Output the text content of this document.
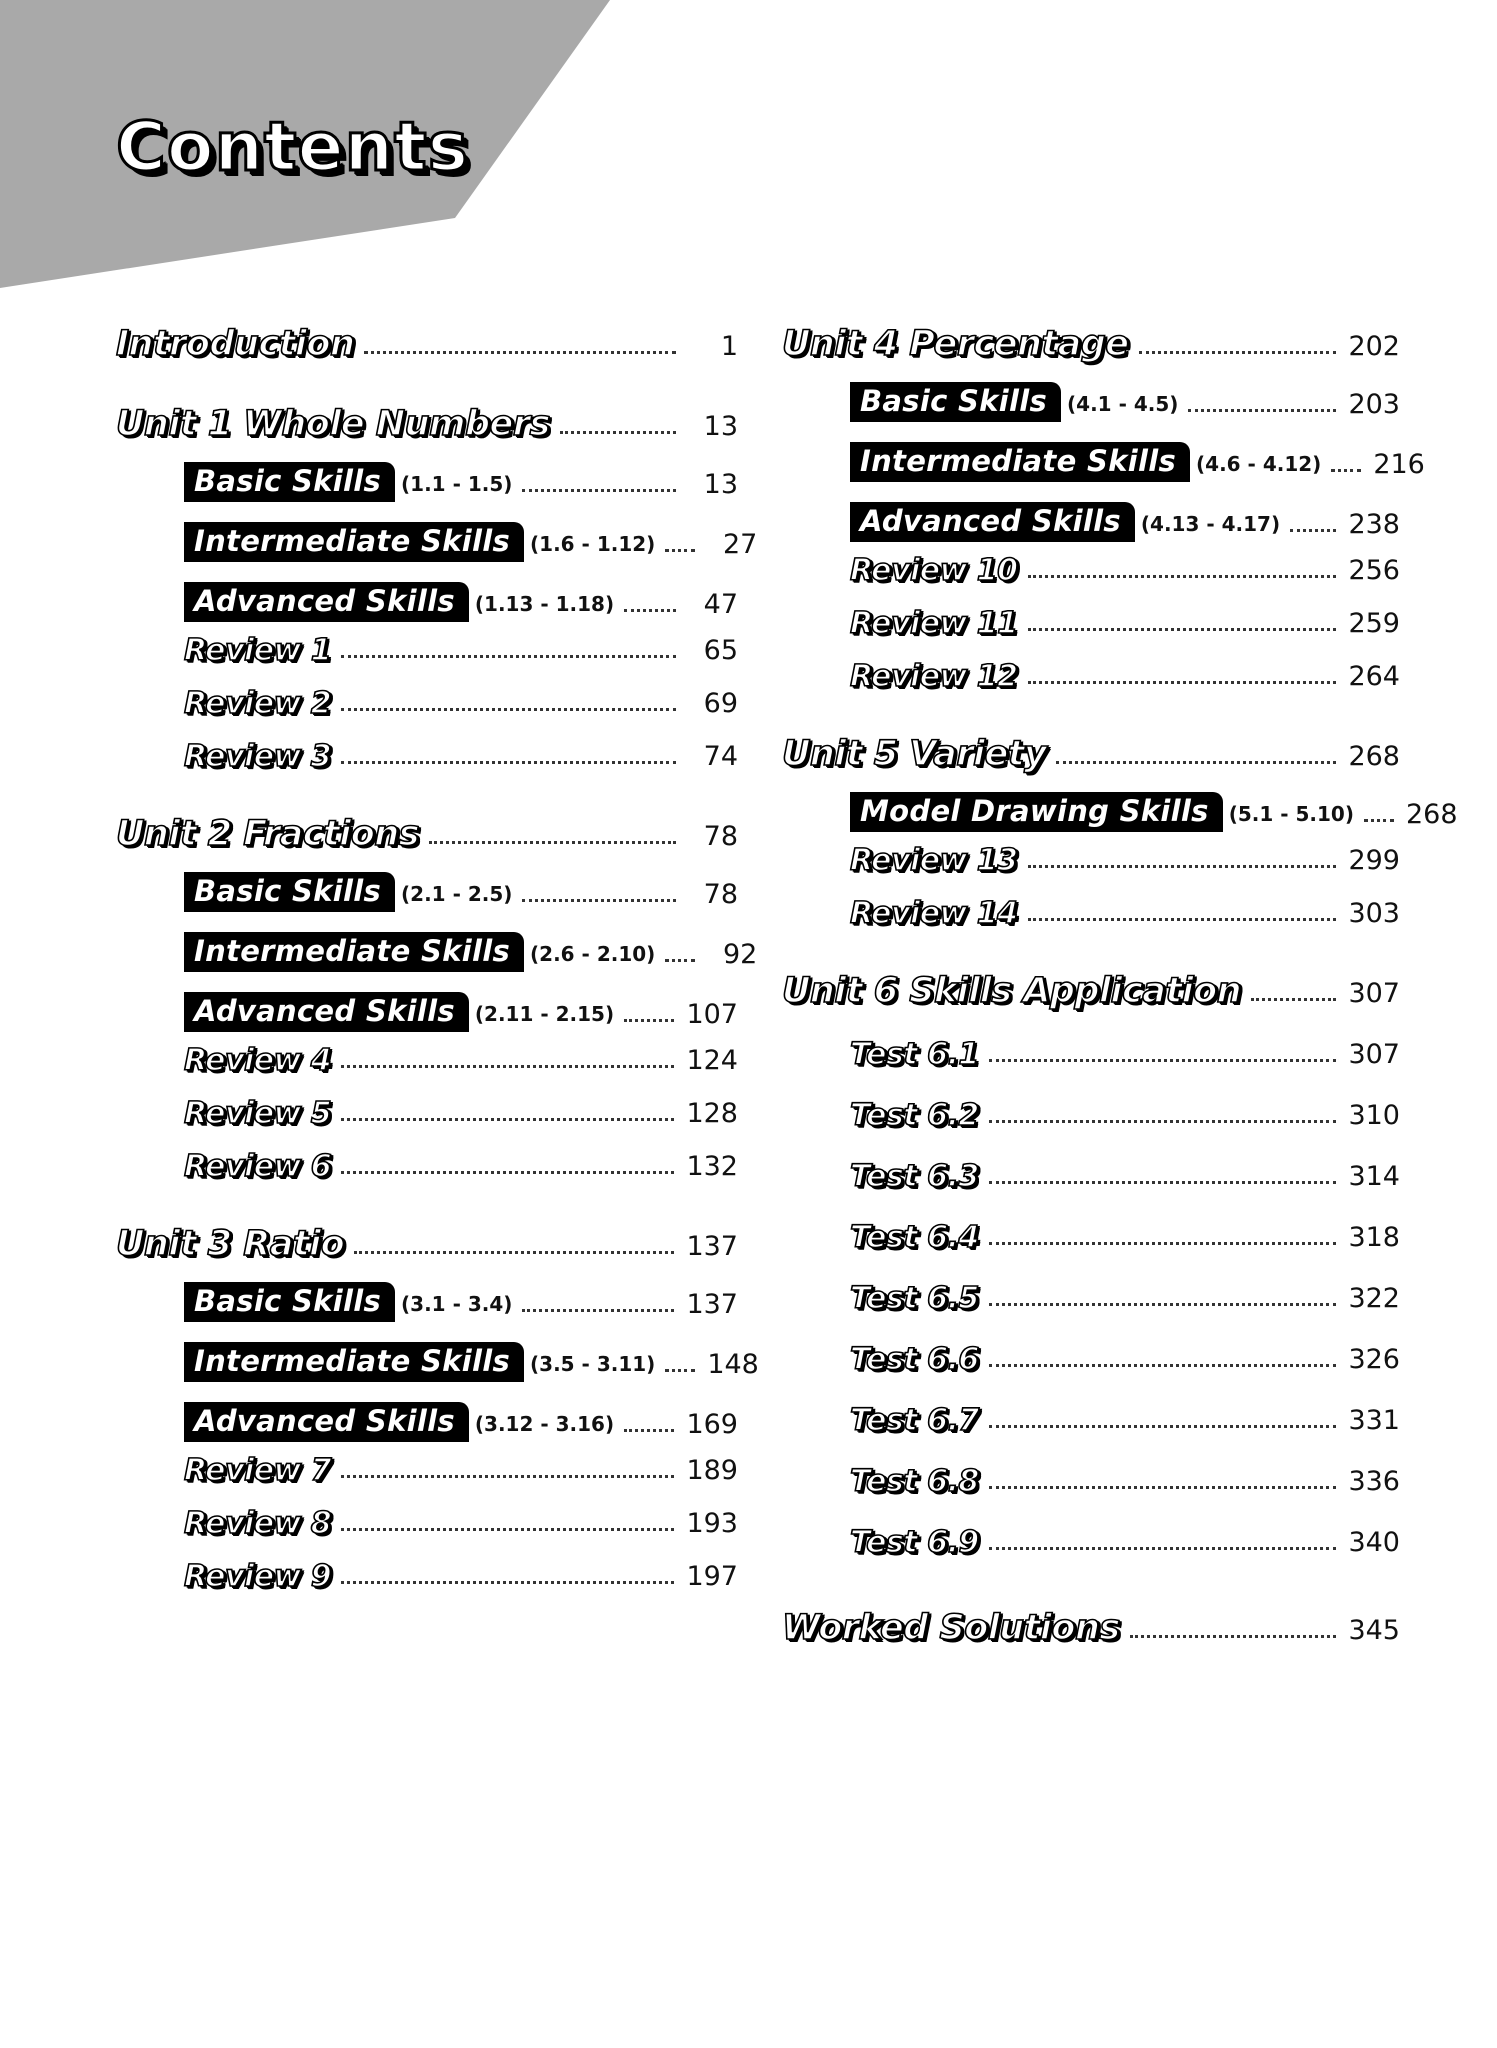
Contents
Introduction	1
Unit 1 Whole Numbers	13
Basic Skills	(1.1 - 1.5)	13
Intermediate Skills	(1.6 - 1.12)	27
Advanced Skills	(1.13 - 1.18)	47
Review 1	65
Review 2	69
Review 3	74
Unit 2 Fractions	78
Basic Skills	(2.1 - 2.5)	78
Intermediate Skills	(2.6 - 2.10)	92
Advanced Skills	(2.11 - 2.15)	107
Review 4	124
Review 5	128
Review 6	132
Unit 3 Ratio	137
Basic Skills	(3.1 - 3.4)	137
Intermediate Skills	(3.5 - 3.11) 148
Advanced Skills	(3.12 - 3.16)	169
Review 7	189
Review 8	193
Review 9	197
Unit 4 Percentage	202
Basic Skills	(4.1 - 4.5)	203
Intermediate Skills	(4.6 - 4.12) 216
Advanced Skills	(4.13 - 4.17)	238
Review 10	256
Review 11	259
Review 12	264
Unit 5 Variety	268
Model Drawing Skills	(5.1 - 5.10) 268
Review 13	299
Review 14	303
Unit 6 Skills Application	307
Test 6.1	307
Test 6.2	310
Test 6.3	314
Test 6.4	318
Test 6.5	322
Test 6.6	326
Test 6.7	331
Test 6.8	336
Test 6.9	340
Worked Solutions	345
